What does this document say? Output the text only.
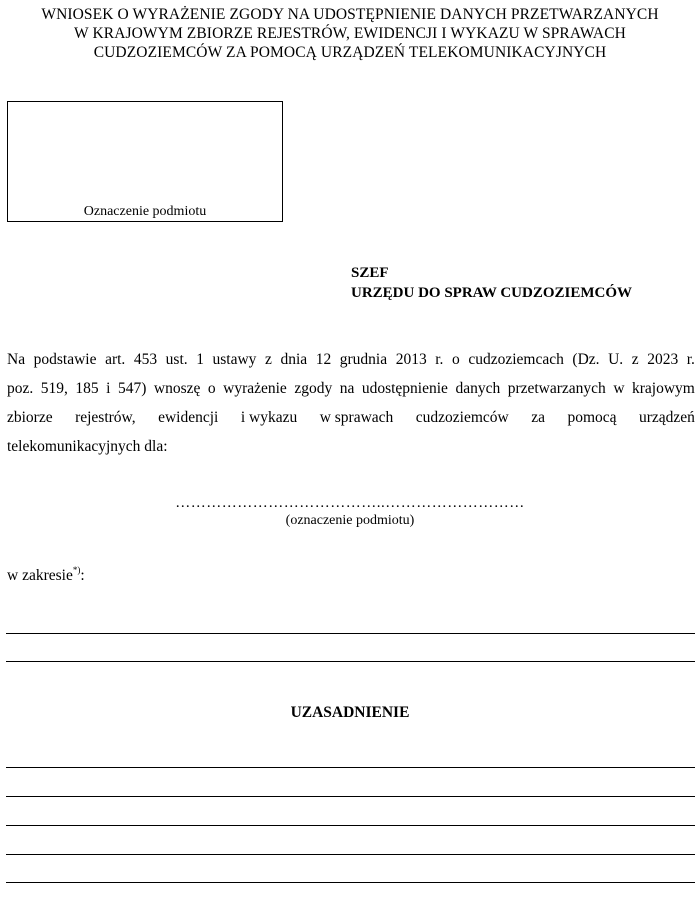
WNIOSEK O WYRAŻENIE ZGODY NA UDOSTĘPNIENIE DANYCH PRZETWARZANYCH
W KRAJOWYM ZBIORZE REJESTRÓW, EWIDENCJI I WYKAZU W SPRAWACH
CUDZOZIEMCÓW ZA POMOCĄ URZĄDZEŃ TELEKOMUNIKACYJNYCH
Oznaczenie podmiotu
SZEF
URZĘDU DO SPRAW CUDZOZIEMCÓW
Na podstawie art. 453 ust. 1 ustawy z dnia 12 grudnia 2013 r. o cudzoziemcach (Dz. U. z 2023 r.
poz. 519, 185 i 547) wnoszę o wyrażenie zgody na udostępnienie danych przetwarzanych w krajowym
zbiorze rejestrów, ewidencji i wykazu w sprawach cudzoziemców za pomocą urządzeń
telekomunikacyjnych dla:
…………………………………..………………………
(oznaczenie podmiotu)
w zakresie*):
UZASADNIENIE
